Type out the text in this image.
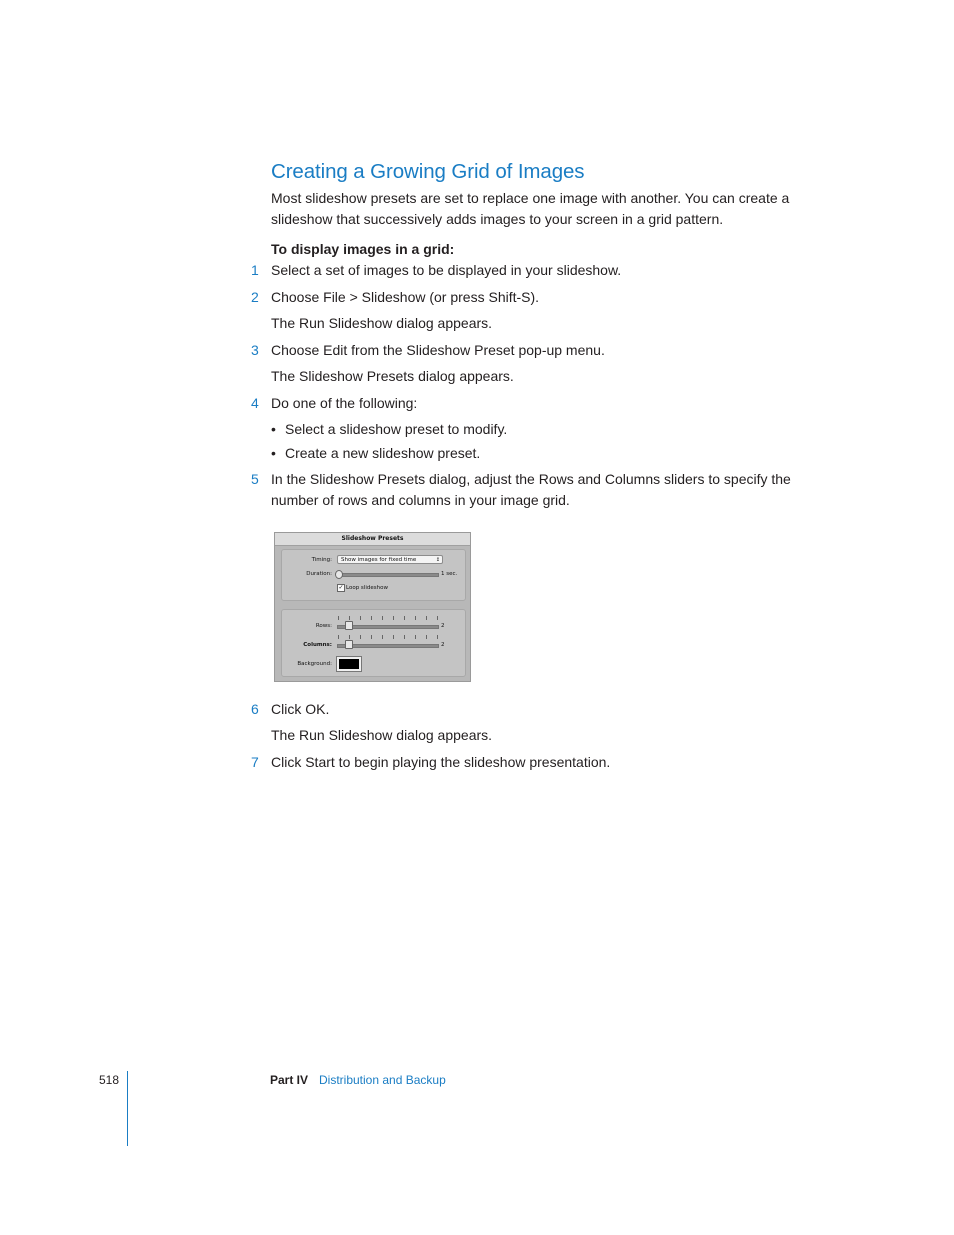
Creating a Growing Grid of Images
Most slideshow presets are set to replace one image with another. You can create a slideshow that successively adds images to your screen in a grid pattern.
To display images in a grid:
1 Select a set of images to be displayed in your slideshow.
2 Choose File > Slideshow (or press Shift-S).
The Run Slideshow dialog appears.
3 Choose Edit from the Slideshow Preset pop-up menu.
The Slideshow Presets dialog appears.
4 Do one of the following:
• Select a slideshow preset to modify.
• Create a new slideshow preset.
5 In the Slideshow Presets dialog, adjust the Rows and Columns sliders to specify the number of rows and columns in your image grid.
Slideshow Presets
Timing:	Show images for fixed time	↕
Duration:	1 sec.
✓ Loop slideshow
Rows:	2
Columns:	2
Background:
6 Click OK.
The Run Slideshow dialog appears.
7 Click Start to begin playing the slideshow presentation.
518	Part IV Distribution and Backup
